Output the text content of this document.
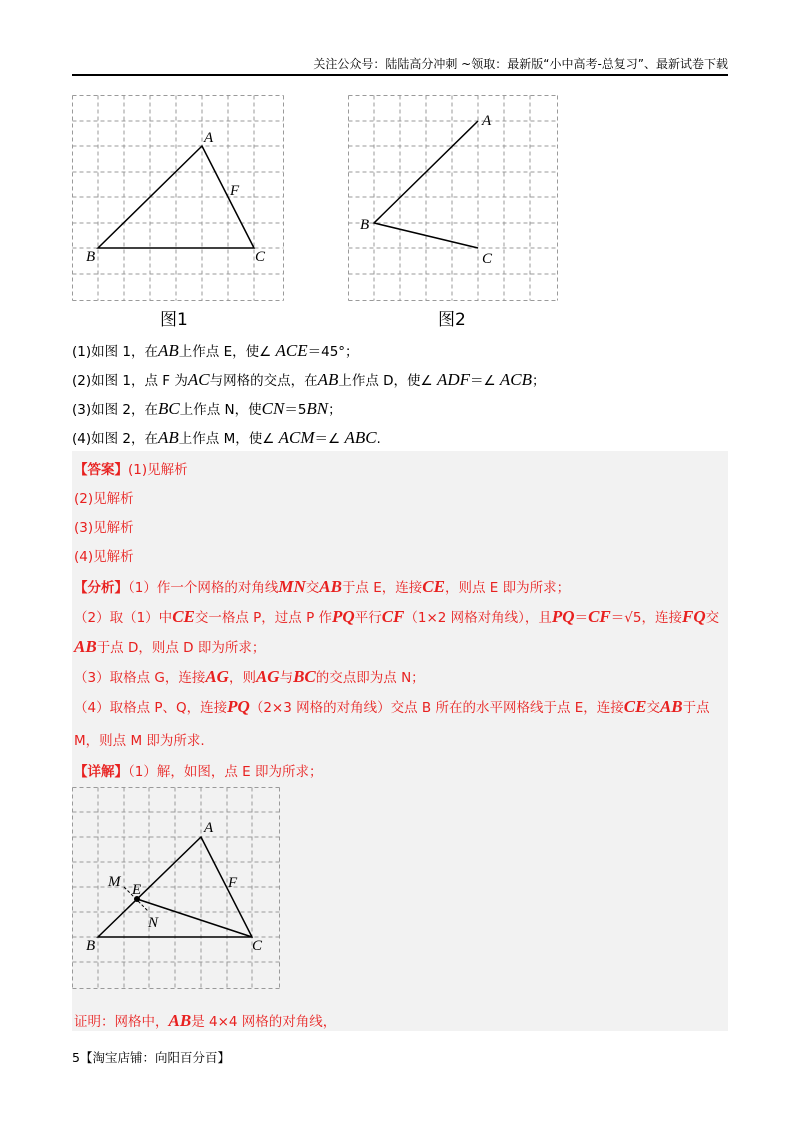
关注公众号：陆陆高分冲刺 ~领取：最新版“小中高考-总复习”、最新试卷下载
A
B	C
F
图1
A
B
C
图2
(1)如图 1，在AB上作点 E，使∠ ACE＝45°；
(2)如图 1，点 F 为AC与网格的交点，在AB上作点 D，使∠ ADF＝∠ ACB；
(3)如图 2，在BC上作点 N，使CN＝5BN；
(4)如图 2，在AB上作点 M，使∠ ACM＝∠ ABC.
【答案】(1)见解析
(2)见解析
(3)见解析
(4)见解析
【分析】（1）作一个网格的对角线MN交AB于点 E，连接CE，则点 E 即为所求；
（2）取（1）中CE交一格点 P，过点 P 作PQ平行CF（1×2 网格对角线），且PQ＝CF＝√5，连接FQ交
AB于点 D，则点 D 即为所求；
（3）取格点 G，连接AG，则AG与BC的交点即为点 N；
（4）取格点 P、Q，连接PQ（2×3 网格的对角线）交点 B 所在的水平网格线于点 E，连接CE交AB于点
M，则点 M 即为所求.
【详解】（1）解，如图，点 E 即为所求；
A
B	C
F
M E
N
证明：网格中，AB是 4×4 网格的对角线，
5【淘宝店铺：向阳百分百】
